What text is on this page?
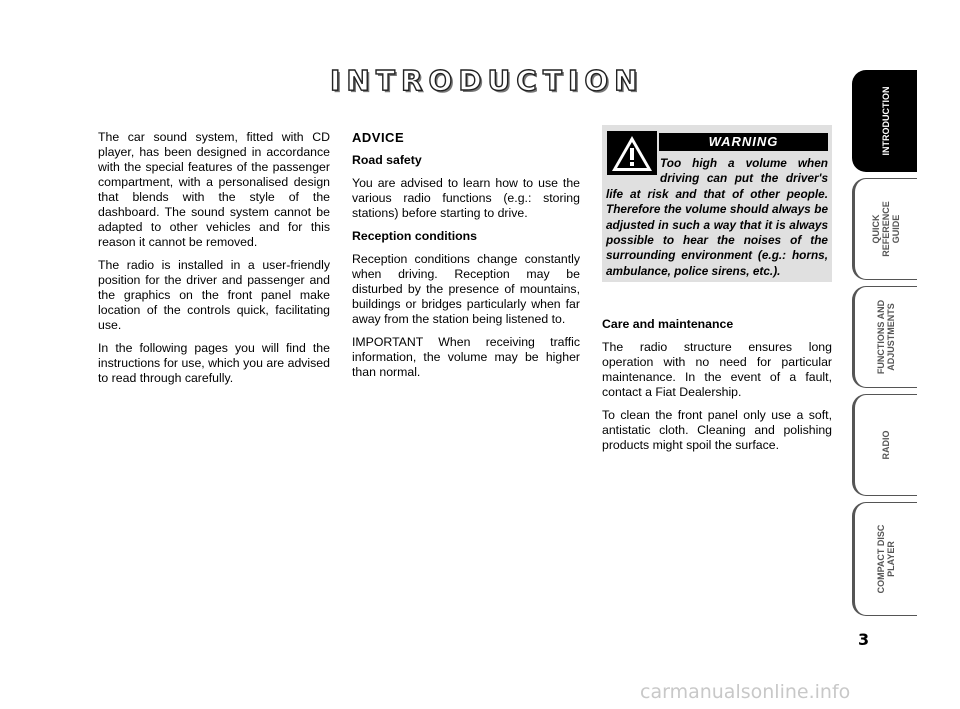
INTRODUCTION

The car sound system, fitted with CD player, has been designed in accordance with the special features of the passenger compartment, with a personalised design that blends with the style of the dashboard. The sound system cannot be adapted to other vehicles and for this reason it cannot be removed.

The radio is installed in a user-friendly position for the driver and passenger and the graphics on the front panel make location of the controls quick, facilitating use.

In the following pages you will find the instructions for use, which you are advised to read through carefully.

ADVICE

Road safety

You are advised to learn how to use the various radio functions (e.g.: storing stations) before starting to drive.

Reception conditions

Reception conditions change constantly when driving. Reception may be disturbed by the presence of mountains, buildings or bridges particularly when far away from the station being listened to.

IMPORTANT When receiving traffic information, the volume may be higher than normal.

WARNING
Too high a volume when driving can put the driver's life at risk and that of other people. Therefore the volume should always be adjusted in such a way that it is always possible to hear the noises of the surrounding environment (e.g.: horns, ambulance, police sirens, etc.).

Care and maintenance

The radio structure ensures long operation with no need for particular maintenance. In the event of a fault, contact a Fiat Dealership.

To clean the front panel only use a soft, antistatic cloth. Cleaning and polishing products might spoil the surface.

INTRODUCTION
QUICK
REFERENCE
GUIDE
FUNCTIONS AND
ADJUSTMENTS
RADIO
COMPACT DISC
PLAYER
3
carmanualsonline.info
